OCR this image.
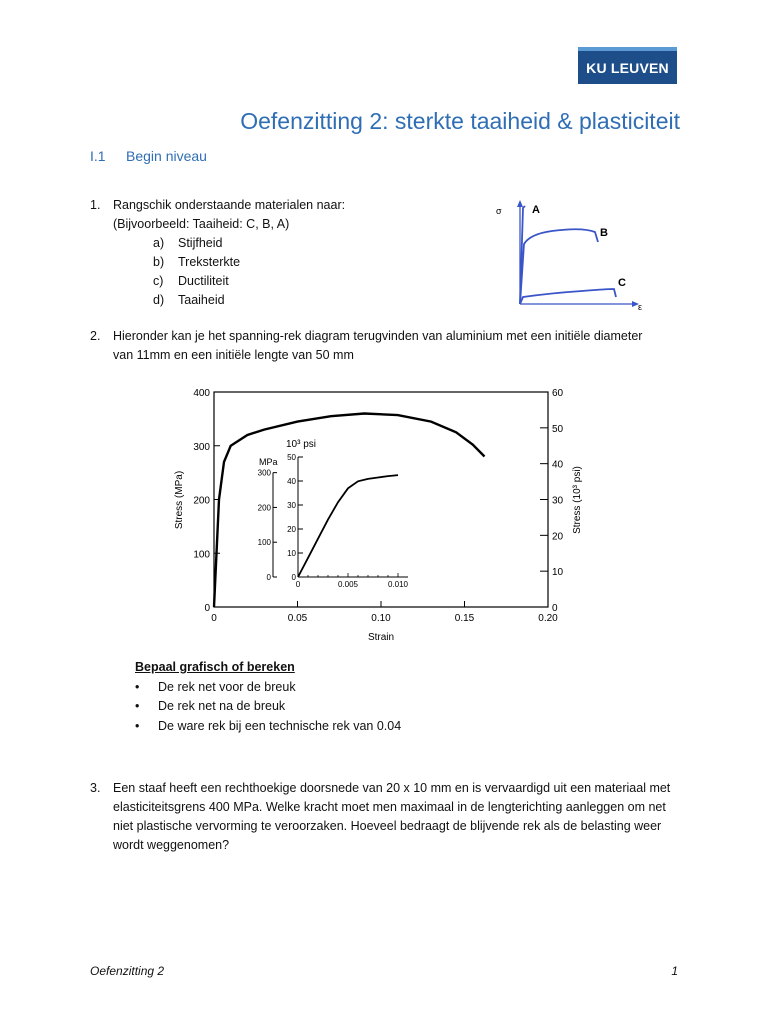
KU LEUVEN
Oefenzitting 2: sterkte taaiheid & plasticiteit
I.1 Begin niveau
1. Rangschik onderstaande materialen naar:
(Bijvoorbeeld: Taaiheid: C, B, A)
a) Stijfheid
b) Treksterkte
c) Ductiliteit
d) Taaiheid
σ
ε
A
B
C
2. Hieronder kan je het spanning-rek diagram terugvinden van aluminium met een initiële diameter
van 11mm en een initiële lengte van 50 mm
0	0.05	0.10	0.15	0.20
0
100
200
300
400
0
10
20
30
40
50
60
Stress (MPa)	Stress (10³ psi)
Strain
0
100
200
300
0
10
20
30
40
50
0	0.005	0.010
MPa
10³ psi
Bepaal grafisch of bereken
• De rek net voor de breuk
• De rek net na de breuk
• De ware rek bij een technische rek van 0.04
3. Een staaf heeft een rechthoekige doorsnede van 20 x 10 mm en is vervaardigd uit een materiaal met
elasticiteitsgrens 400 MPa. Welke kracht moet men maximaal in de lengterichting aanleggen om net
niet plastische vervorming te veroorzaken. Hoeveel bedraagt de blijvende rek als de belasting weer
wordt weggenomen?
Oefenzitting 2	1
